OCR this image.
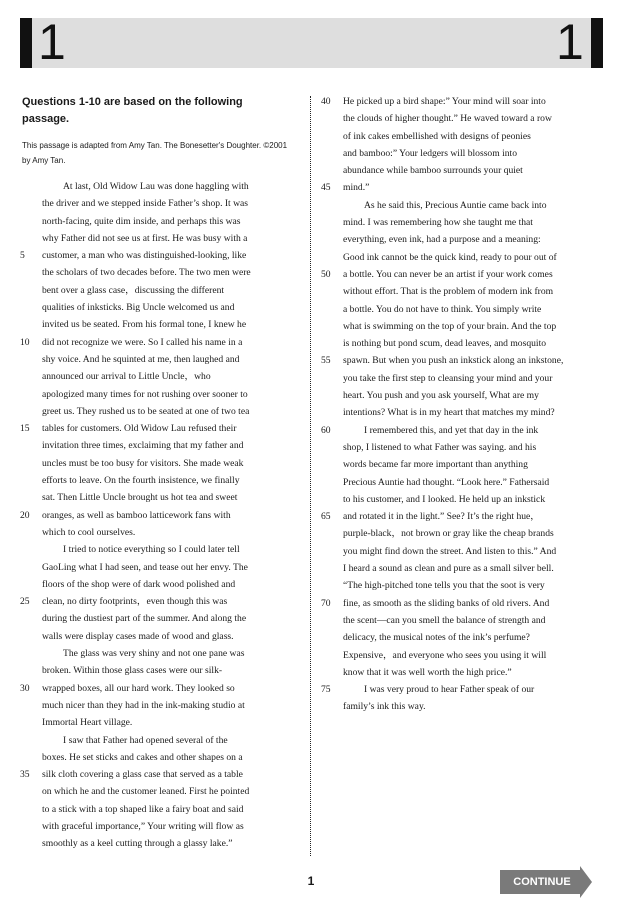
1	1

Questions 1-10 are based on the following passage.

This passage is adapted from Amy Tan. The Bonesetter's Doughter. ©2001 by Amy Tan.

At last, Old Widow Lau was done haggling with
the driver and we stepped inside Father’s shop. It was
north-facing, quite dim inside, and perhaps this was
why Father did not see us at first. He was busy with a
5	customer, a man who was distinguished-looking, like
the scholars of two decades before. The two men were
bent over a glass case，discussing the different
qualities of inksticks. Big Uncle welcomed us and
invited us be seated. From his formal tone, I knew he
10	did not recognize we were. So I called his name in a
shy voice. And he squinted at me, then laughed and
announced our arrival to Little Uncle，who
apologized many times for not rushing over sooner to
greet us. They rushed us to be seated at one of two tea
15	tables for customers. Old Widow Lau refused their
invitation three times, exclaiming that my father and
uncles must be too busy for visitors. She made weak
efforts to leave. On the fourth insistence, we finally
sat. Then Little Uncle brought us hot tea and sweet
20	oranges, as well as bamboo latticework fans with
which to cool ourselves.
I tried to notice everything so I could later tell
GaoLing what I had seen, and tease out her envy. The
floors of the shop were of dark wood polished and
25	clean, no dirty footprints，even though this was
during the dustiest part of the summer. And along the
walls were display cases made of wood and glass.
The glass was very shiny and not one pane was
broken. Within those glass cases were our silk-
30	wrapped boxes, all our hard work. They looked so
much nicer than they had in the ink-making studio at
Immortal Heart village.
I saw that Father had opened several of the
boxes. He set sticks and cakes and other shapes on a
35	silk cloth covering a glass case that served as a table
on which he and the customer leaned. First he pointed
to a stick with a top shaped like a fairy boat and said
with graceful importance,” Your writing will flow as
smoothly as a keel cutting through a glassy lake.”
40	He picked up a bird shape:” Your mind will soar into
the clouds of higher thought.” He waved toward a row
of ink cakes embellished with designs of peonies
and bamboo:” Your ledgers will blossom into
abundance while bamboo surrounds your quiet
45	mind.”
As he said this, Precious Auntie came back into
mind. I was remembering how she taught me that
everything, even ink, had a purpose and a meaning:
Good ink cannot be the quick kind, ready to pour out of
50	a bottle. You can never be an artist if your work comes
without effort. That is the problem of modern ink from
a bottle. You do not have to think. You simply write
what is swimming on the top of your brain. And the top
is nothing but pond scum, dead leaves, and mosquito
55	spawn. But when you push an inkstick along an inkstone,
you take the first step to cleansing your mind and your
heart. You push and you ask yourself, What are my
intentions? What is in my heart that matches my mind?
60	I remembered this, and yet that day in the ink
shop, I listened to what Father was saying. and his
words became far more important than anything
Precious Auntie had thought. “Look here.” Fathersaid
to his customer, and I looked. He held up an inkstick
65	and rotated it in the light.” See? It’s the right hue，
purple-black，not brown or gray like the cheap brands
you might find down the street. And listen to this.” And
I heard a sound as clean and pure as a small silver bell.
“The high-pitched tone tells you that the soot is very
70	fine, as smooth as the sliding banks of old rivers. And
the scent—can you smell the balance of strength and
delicacy, the musical notes of the ink’s perfume?
Expensive，and everyone who sees you using it will
know that it was well worth the high price.”
75	I was very proud to hear Father speak of our
family’s ink this way.
1	CONTINUE
